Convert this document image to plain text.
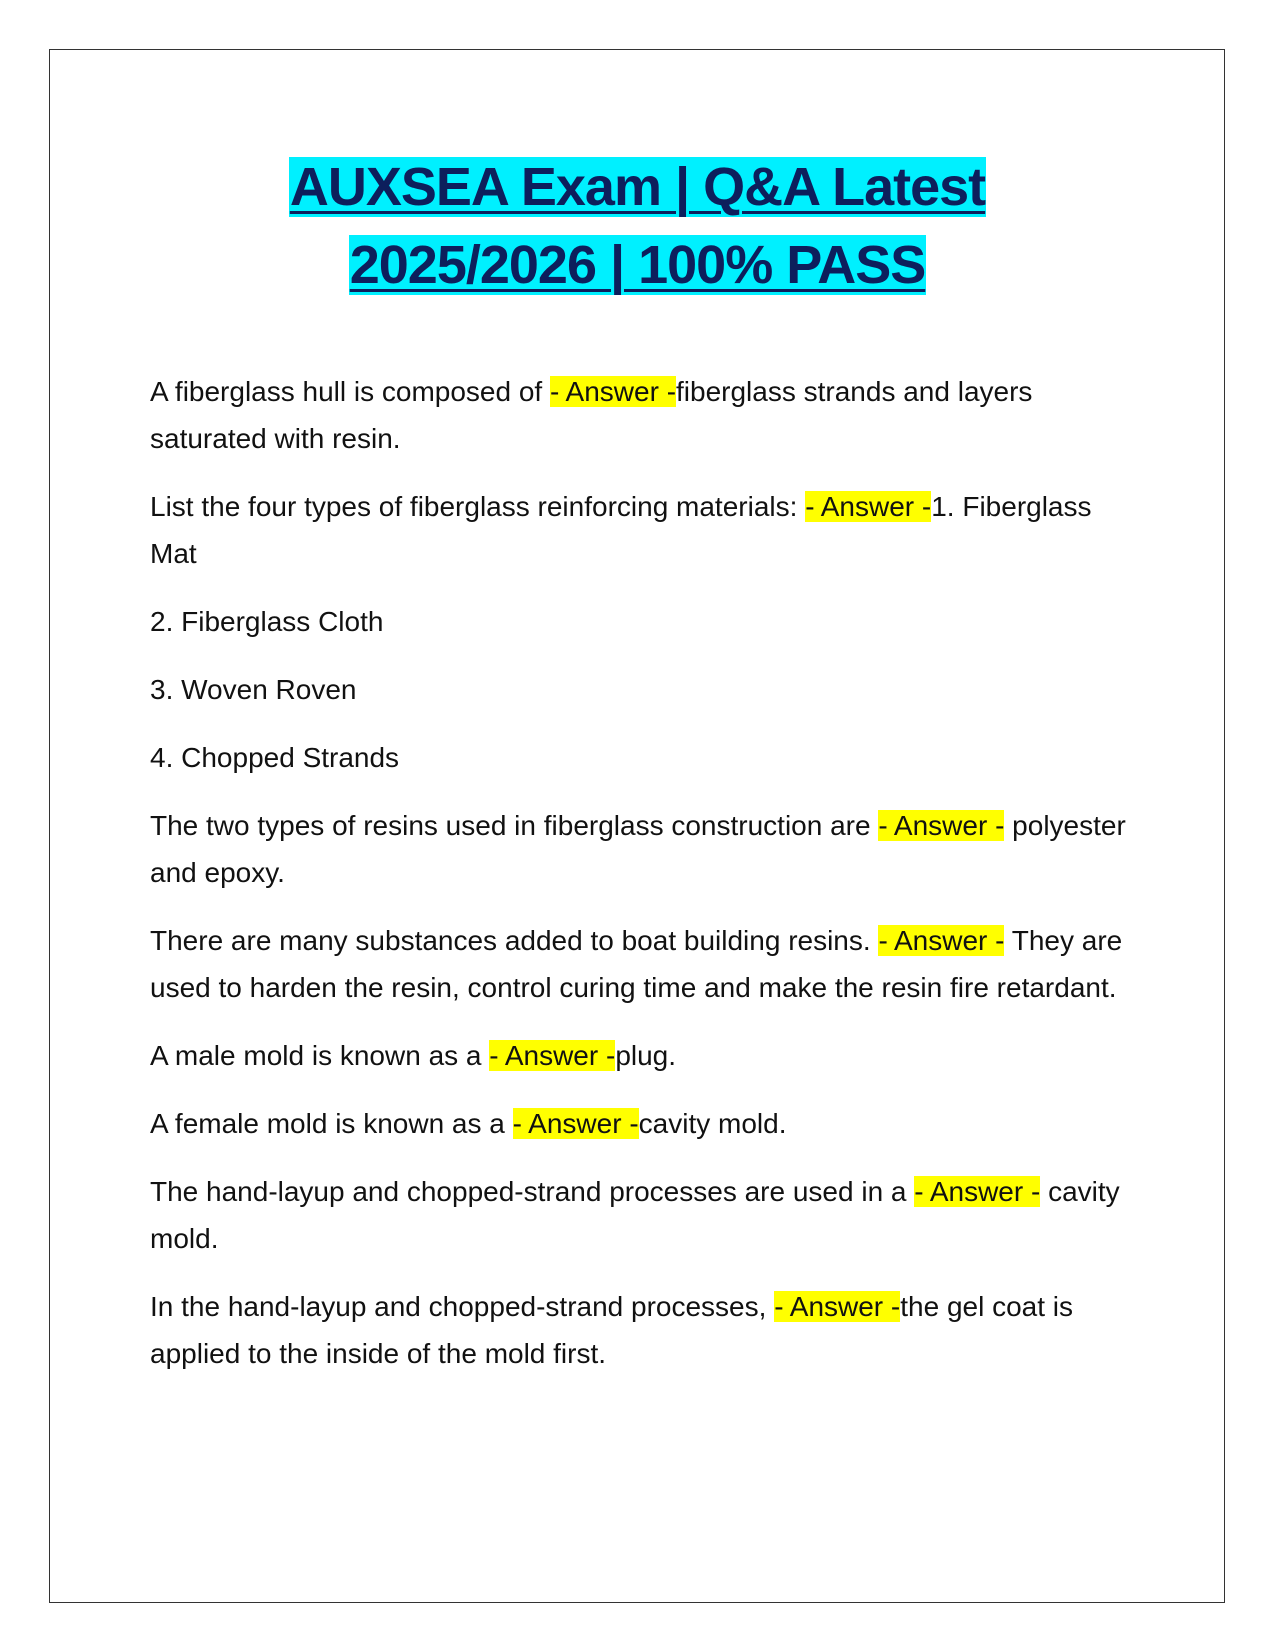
AUXSEA Exam | Q&A Latest
2025/2026 | 100% PASS

A fiberglass hull is composed of - Answer -fiberglass strands and layers saturated with resin.

List the four types of fiberglass reinforcing materials: - Answer -1. Fiberglass Mat

2. Fiberglass Cloth

3. Woven Roven

4. Chopped Strands

The two types of resins used in fiberglass construction are - Answer - polyester and epoxy.

There are many substances added to boat building resins. - Answer - They are used to harden the resin, control curing time and make the resin fire retardant.

A male mold is known as a - Answer -plug.

A female mold is known as a - Answer -cavity mold.

The hand-layup and chopped-strand processes are used in a - Answer - cavity mold.

In the hand-layup and chopped-strand processes, - Answer -the gel coat is applied to the inside of the mold first.
